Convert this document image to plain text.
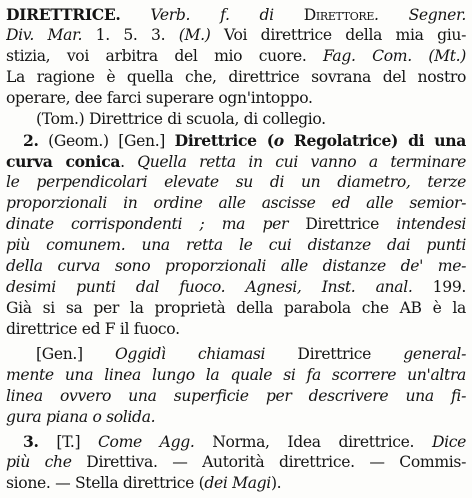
DIRETTRICE. Verb. f. di Direttore. Segner.
Div. Mar. 1. 5. 3. (M.) Voi direttrice della mia giu-
stizia, voi arbitra del mio cuore. Fag. Com. (Mt.)
La ragione è quella che, direttrice sovrana del nostro
operare, dee farci superare ogn'intoppo.
(Tom.) Direttrice di scuola, di collegio.
2. (Geom.) [Gen.] Direttrice (o Regolatrice) di una
curva conica. Quella retta in cui vanno a terminare
le perpendicolari elevate su di un diametro, terze
proporzionali in ordine alle ascisse ed alle semior-
dinate corrispondenti ; ma per Direttrice intendesi
più comunem. una retta le cui distanze dai punti
della curva sono proporzionali alle distanze de' me-
desimi punti dal fuoco. Agnesi, Inst. anal. 199.
Già si sa per la proprietà della parabola che AB è la
direttrice ed F il fuoco.
[Gen.] Oggidì chiamasi Direttrice general-
mente una linea lungo la quale si fa scorrere un'altra
linea ovvero una superficie per descrivere una fi-
gura piana o solida.
3. [T.] Come Agg. Norma, Idea direttrice. Dice
più che Direttiva. — Autorità direttrice. — Commis-
sione. — Stella direttrice (dei Magi).
